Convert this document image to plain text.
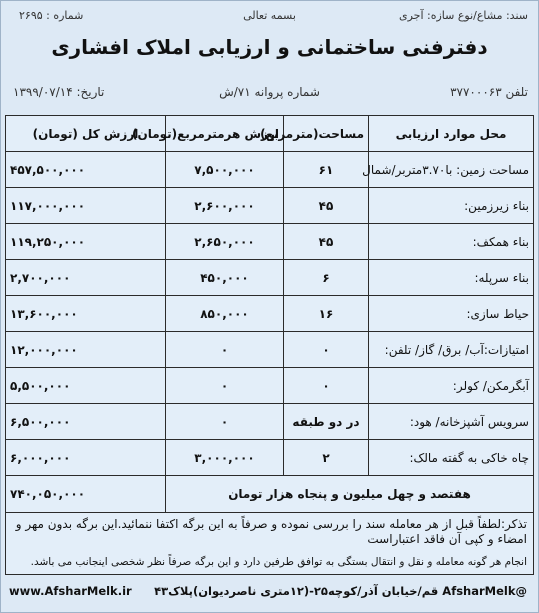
سند: مشاع/نوع سازه: آجری
بسمه تعالی
شماره : ۲۶۹۵
دفترفنی ساختمانی و ارزیابی املاک افشاری
تلفن ۳۷۷۰۰۰۶۳
شماره پروانه ۷۱/ش
تاریخ: ۱۳۹۹/۰۷/۱۴
محل موارد ارزیابی	مساحت(مترمربع)	ارزش هرمترمربع(تومان)	ارزش کل (تومان)
مساحت زمین: با۳.۷۰متربر/شمال	۶۱	۷,۵۰۰,۰۰۰	۴۵۷,۵۰۰,۰۰۰
بناء زیرزمین:	۴۵	۲,۶۰۰,۰۰۰	۱۱۷,۰۰۰,۰۰۰
بناء همکف:	۴۵	۲,۶۵۰,۰۰۰	۱۱۹,۲۵۰,۰۰۰
بناء سرپله:	۶	۴۵۰,۰۰۰	۲,۷۰۰,۰۰۰
حیاط سازی:	۱۶	۸۵۰,۰۰۰	۱۳,۶۰۰,۰۰۰
امتیازات:آب/ برق/ گاز/ تلفن:	۰	۰	۱۲,۰۰۰,۰۰۰
آبگرمکن/ کولر:	۰	۰	۵,۵۰۰,۰۰۰
سرویس آشپزخانه/ هود:	در دو طبقه	۰	۶,۵۰۰,۰۰۰
چاه خاکی به گفته مالک:	۲	۳,۰۰۰,۰۰۰	۶,۰۰۰,۰۰۰
هفتصد و چهل میلیون و پنجاه هزار تومان			۷۴۰,۰۵۰,۰۰۰

تذکر:لطفاً قبل از هر معامله سند را بررسی نموده و صرفاً به این برگه اکتفا ننمائید.این برگه بدون مهر و امضاء و کپی آن فاقد اعتباراست
انجام هر گونه معامله و نقل و انتقال بستگی به توافق طرفین دارد و این برگه صرفاً نظر شخصی اینجانب می باشد.			
@AfsharMelk قم/خیابان آذر/کوچه۲۵-(۱۲متری ناصردیوان)پلاک۴۳
www.AfsharMelk.ir
